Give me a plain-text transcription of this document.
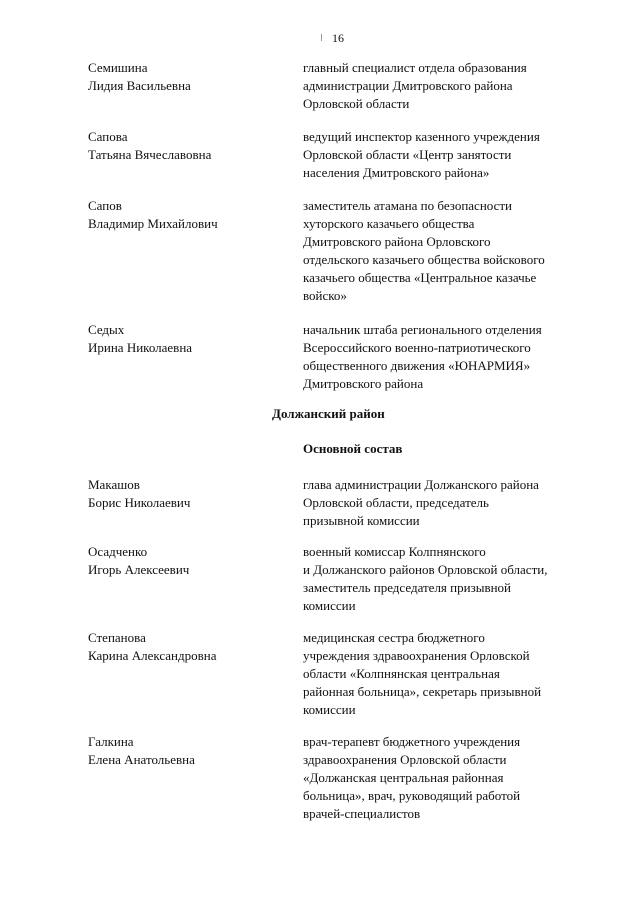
16
Семишина
Лидия Васильевна
главный специалист отдела образования
администрации Дмитровского района
Орловской области
Сапова
Татьяна Вячеславовна
ведущий инспектор казенного учреждения
Орловской области «Центр занятости
населения Дмитровского района»
Сапов
Владимир Михайлович
заместитель атамана по безопасности
хуторского казачьего общества
Дмитровского района Орловского
отдельского казачьего общества войскового
казачьего общества «Центральное казачье
войско»
Седых
Ирина Николаевна
начальник штаба регионального отделения
Всероссийского военно-патриотического
общественного движения «ЮНАРМИЯ»
Дмитровского района
Должанский район
Основной состав
Макашов
Борис Николаевич
глава администрации Должанского района
Орловской области, председатель
призывной комиссии
Осадченко
Игорь Алексеевич
военный комиссар Колпнянского
и Должанского районов Орловской области,
заместитель председателя призывной
комиссии
Степанова
Карина Александровна
медицинская сестра бюджетного
учреждения здравоохранения Орловской
области «Колпнянская центральная
районная больница», секретарь призывной
комиссии
Галкина
Елена Анатольевна
врач-терапевт бюджетного учреждения
здравоохранения Орловской области
«Должанская центральная районная
больница», врач, руководящий работой
врачей-специалистов
